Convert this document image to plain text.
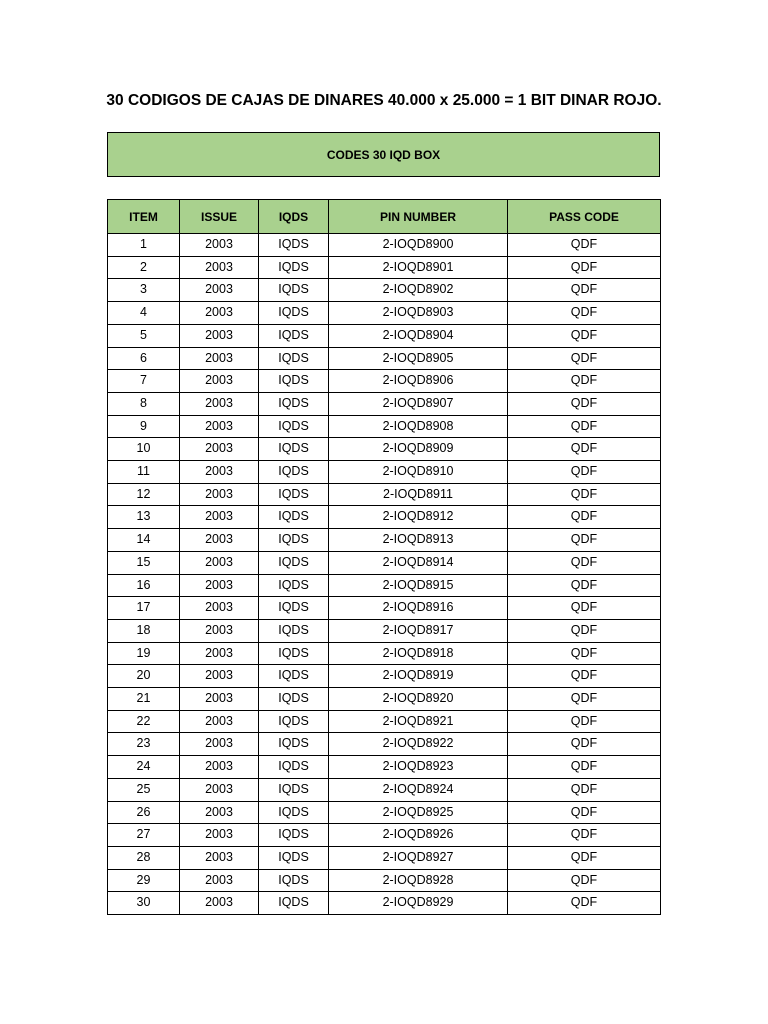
30 CODIGOS DE CAJAS DE DINARES 40.000 x 25.000 = 1 BIT DINAR ROJO.
CODES 30 IQD BOX
ITEM	ISSUE	IQDS	PIN NUMBER	PASS CODE
1	2003	IQDS	2-IOQD8900	QDF
2	2003	IQDS	2-IOQD8901	QDF
3	2003	IQDS	2-IOQD8902	QDF
4	2003	IQDS	2-IOQD8903	QDF
5	2003	IQDS	2-IOQD8904	QDF
6	2003	IQDS	2-IOQD8905	QDF
7	2003	IQDS	2-IOQD8906	QDF
8	2003	IQDS	2-IOQD8907	QDF
9	2003	IQDS	2-IOQD8908	QDF
10	2003	IQDS	2-IOQD8909	QDF
11	2003	IQDS	2-IOQD8910	QDF
12	2003	IQDS	2-IOQD8911	QDF
13	2003	IQDS	2-IOQD8912	QDF
14	2003	IQDS	2-IOQD8913	QDF
15	2003	IQDS	2-IOQD8914	QDF
16	2003	IQDS	2-IOQD8915	QDF
17	2003	IQDS	2-IOQD8916	QDF
18	2003	IQDS	2-IOQD8917	QDF
19	2003	IQDS	2-IOQD8918	QDF
20	2003	IQDS	2-IOQD8919	QDF
21	2003	IQDS	2-IOQD8920	QDF
22	2003	IQDS	2-IOQD8921	QDF
23	2003	IQDS	2-IOQD8922	QDF
24	2003	IQDS	2-IOQD8923	QDF
25	2003	IQDS	2-IOQD8924	QDF
26	2003	IQDS	2-IOQD8925	QDF
27	2003	IQDS	2-IOQD8926	QDF
28	2003	IQDS	2-IOQD8927	QDF
29	2003	IQDS	2-IOQD8928	QDF
30	2003	IQDS	2-IOQD8929	QDF
